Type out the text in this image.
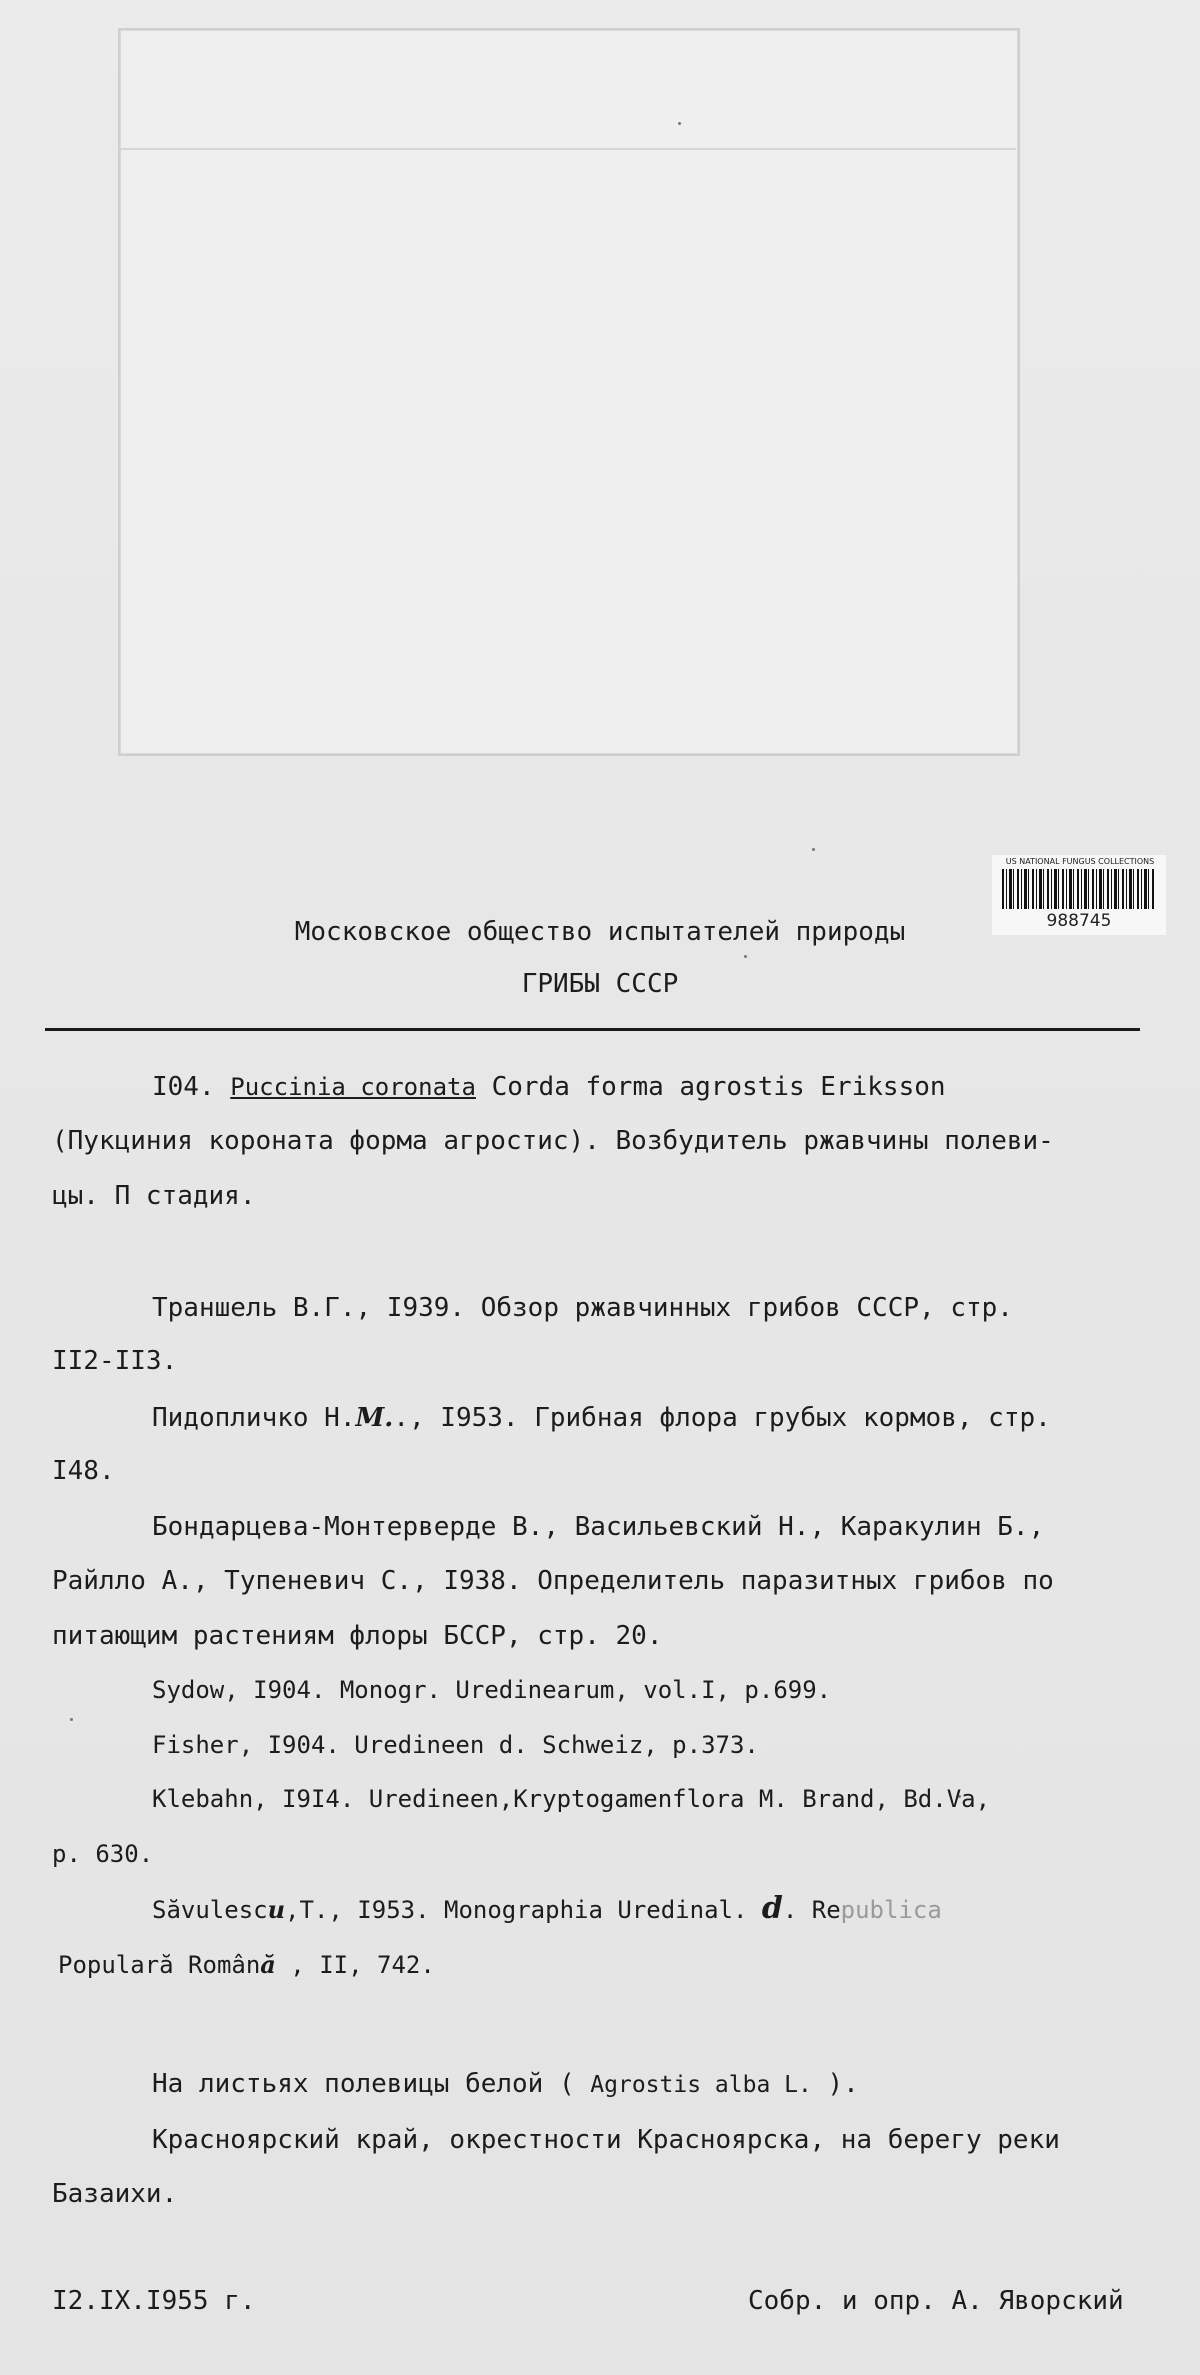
US NATIONAL FUNGUS COLLECTIONS
988745
Московское общество испытателей природы
ГРИБЫ СССР
I04. Puccinia coronata Corda forma agrostis Eriksson
(Пукциния короната форма агростис). Возбудитель ржавчины полеви-
цы. П стадия.
Траншель В.Г., I939. Обзор ржавчинных грибов СССР, стр.
II2-II3.
Пидопличко Н.М.., I953. Грибная флора грубых кормов, стр.
I48.
Бондарцева-Монтерверде В., Васильевский Н., Каракулин Б.,
Райлло А., Тупеневич С., I938. Определитель паразитных грибов по
питающим растениям флоры БССР, стр. 20.
Sydow, I904. Monogr. Uredinearum, vol.I, p.699.
Fisher, I904. Uredineen d. Schweiz, p.373.
Klebahn, I9I4. Uredineen,Kryptogamenflora M. Brand, Bd.Va,
p. 630.
Săvulescu,T., I953. Monographia Uredinal. d. Republica
Populară Română , II, 742.
На листьях полевицы белой ( Agrostis alba L. ).
Красноярский край, окрестности Красноярска, на берегу реки
Базаихи.
I2.IX.I955 г.	Собр. и опр. А. Яворский
